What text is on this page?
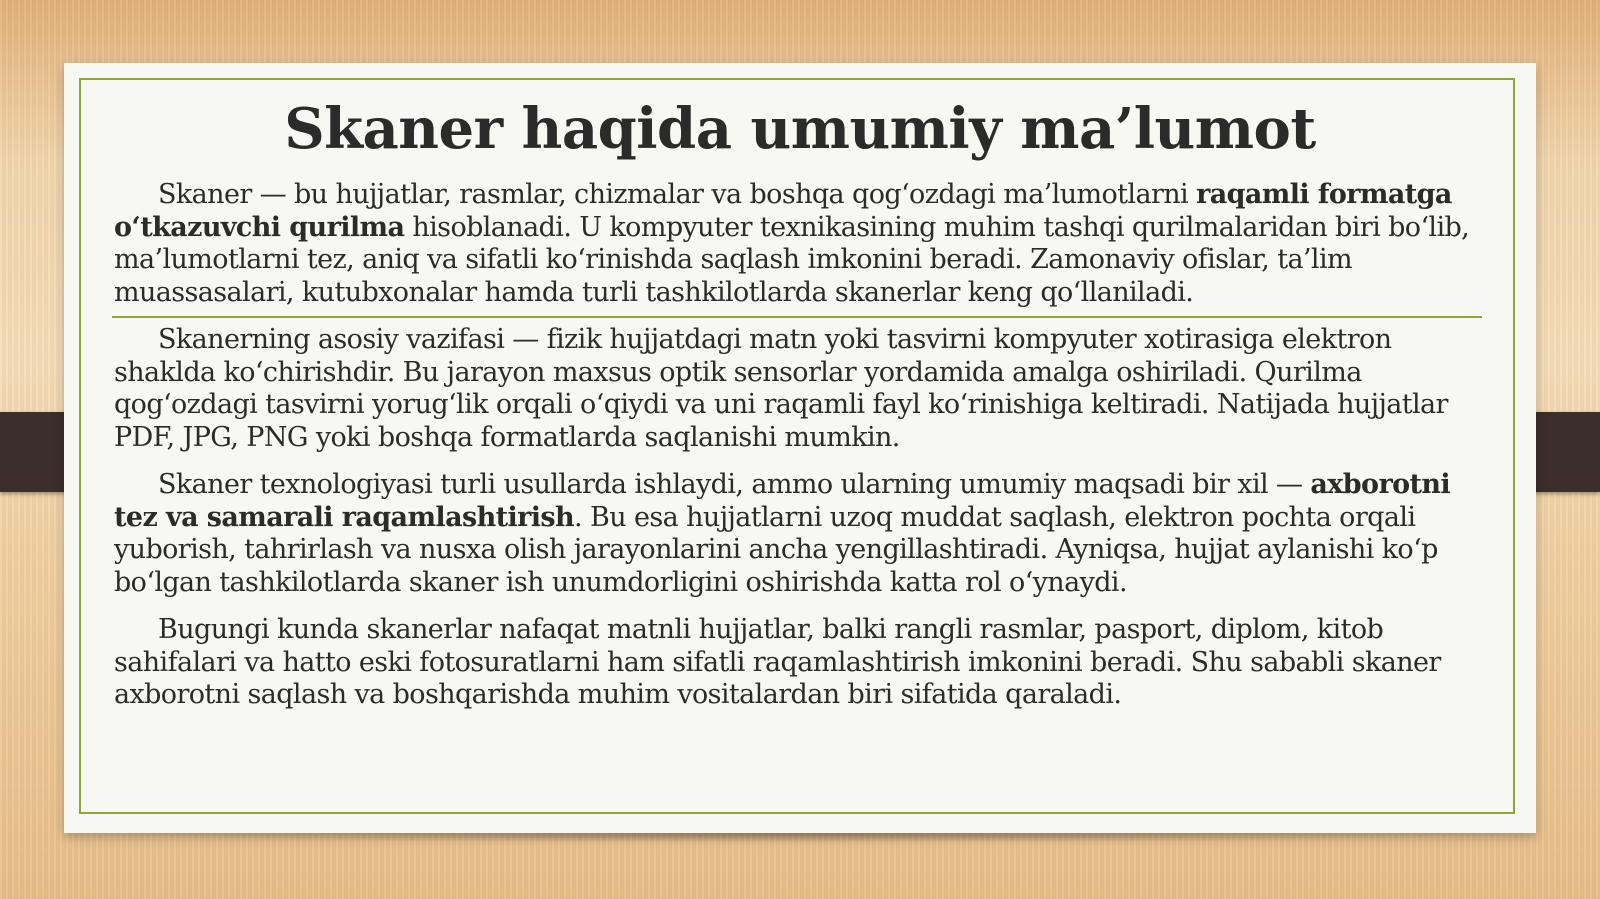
Skaner haqida umumiy ma’lumot

Skaner — bu hujjatlar, rasmlar, chizmalar va boshqa qog‘ozdagi ma’lumotlarni raqamli formatga o‘tkazuvchi qurilma hisoblanadi. U kompyuter texnikasining muhim tashqi qurilmalaridan biri bo‘lib, ma’lumotlarni tez, aniq va sifatli ko‘rinishda saqlash imkonini beradi. Zamonaviy ofislar, ta’lim muassasalari, kutubxonalar hamda turli tashkilotlarda skanerlar keng qo‘llaniladi.

Skanerning asosiy vazifasi — fizik hujjatdagi matn yoki tasvirni kompyuter xotirasiga elektron shaklda ko‘chirishdir. Bu jarayon maxsus optik sensorlar yordamida amalga oshiriladi. Qurilma qog‘ozdagi tasvirni yorug‘lik orqali o‘qiydi va uni raqamli fayl ko‘rinishiga keltiradi. Natijada hujjatlar PDF, JPG, PNG yoki boshqa formatlarda saqlanishi mumkin.

Skaner texnologiyasi turli usullarda ishlaydi, ammo ularning umumiy maqsadi bir xil — axborotni tez va samarali raqamlashtirish. Bu esa hujjatlarni uzoq muddat saqlash, elektron pochta orqali yuborish, tahrirlash va nusxa olish jarayonlarini ancha yengillashtiradi. Ayniqsa, hujjat aylanishi ko‘p bo‘lgan tashkilotlarda skaner ish unumdorligini oshirishda katta rol o‘ynaydi.

Bugungi kunda skanerlar nafaqat matnli hujjatlar, balki rangli rasmlar, pasport, diplom, kitob sahifalari va hatto eski fotosuratlarni ham sifatli raqamlashtirish imkonini beradi. Shu sababli skaner axborotni saqlash va boshqarishda muhim vositalardan biri sifatida qaraladi.
